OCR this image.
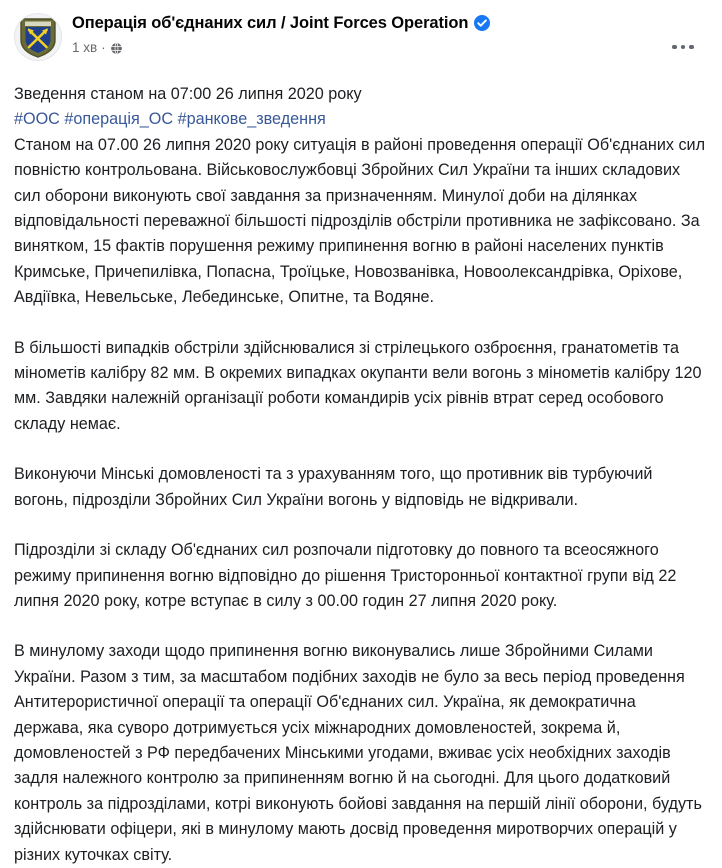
Операція об'єднаних сил / Joint Forces Operation
1 хв ·

Зведення станом на 07:00 26 липня 2020 року

#ООС #операція_ОС #ранкове_зведення

Станом на 07.00 26 липня 2020 року ситуація в районі проведення операції Об'єднаних сил повністю контрольована. Військовослужбовці Збройних Сил України та інших складових сил оборони виконують свої завдання за призначенням. Минулої доби на ділянках відповідальності переважної більшості підрозділів обстріли противника не зафіксовано. За винятком, 15 фактів порушення режиму припинення вогню в районі населених пунктів Кримське, Причепилівка, Попасна, Троїцьке, Новозванівка, Новоолександрівка, Оріхове, Авдіївка, Невельське, Лебединське, Опитне, та Водяне.

В більшості випадків обстріли здійснювалися зі стрілецького озброєння, гранатометів та мінометів калібру 82 мм. В окремих випадках окупанти вели вогонь з мінометів калібру 120 мм. Завдяки належній організації роботи командирів усіх рівнів втрат серед особового складу немає.

Виконуючи Мінські домовленості та з урахуванням того, що противник вів турбуючий вогонь, підрозділи Збройних Сил України вогонь у відповідь не відкривали.

Підрозділи зі складу Об'єднаних сил розпочали підготовку до повного та всеосяжного режиму припинення вогню відповідно до рішення Тристоронньої контактної групи від 22 липня 2020 року, котре вступає в силу з 00.00 годин 27 липня 2020 року.

В минулому заходи щодо припинення вогню виконувались лише Збройними Силами України. Разом з тим, за масштабом подібних заходів не було за весь період проведення Антитерористичної операції та операції Об'єднаних сил. Україна, як демократична держава, яка суворо дотримується усіх міжнародних домовленостей, зокрема й, домовленостей з РФ передбачених Мінськими угодами, вживає усіх необхідних заходів задля належного контролю за припиненням вогню й на сьогодні. Для цього додатковий контроль за підрозділами, котрі виконують бойові завдання на першій лінії оборони, будуть здійснювати офіцери, які в минулому мають досвід проведення миротворчих операцій у різних куточках світу.
